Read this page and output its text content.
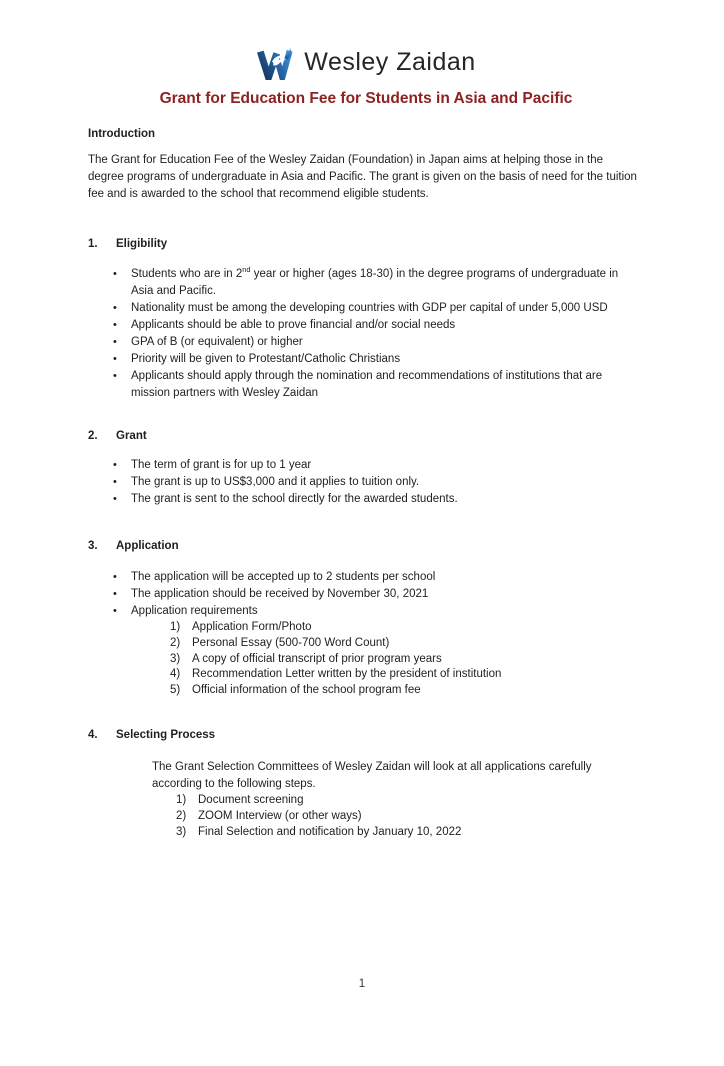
Wesley Zaidan
Grant for Education Fee for Students in Asia and Pacific
Introduction
The Grant for Education Fee of the Wesley Zaidan (Foundation) in Japan aims at helping those in the degree programs of undergraduate in Asia and Pacific. The grant is given on the basis of need for the tuition fee and is awarded to the school that recommend eligible students.
1.	Eligibility
•	Students who are in 2nd year or higher (ages 18-30) in the degree programs of undergraduate in Asia and Pacific.
•	Nationality must be among the developing countries with GDP per capital of under 5,000 USD
•	Applicants should be able to prove financial and/or social needs
•	GPA of B (or equivalent) or higher
•	Priority will be given to Protestant/Catholic Christians
•	Applicants should apply through the nomination and recommendations of institutions that are mission partners with Wesley Zaidan
2.	Grant
•	The term of grant is for up to 1 year
•	The grant is up to US$3,000 and it applies to tuition only.
•	The grant is sent to the school directly for the awarded students.
3.	Application
•	The application will be accepted up to 2 students per school
•	The application should be received by November 30, 2021
•	Application requirements
1)	Application Form/Photo
2)	Personal Essay (500-700 Word Count)
3)	A copy of official transcript of prior program years
4)	Recommendation Letter written by the president of institution
5)	Official information of the school program fee
4.	Selecting Process
The Grant Selection Committees of Wesley Zaidan will look at all applications carefully according to the following steps.
1)	Document screening
2)	ZOOM Interview (or other ways)
3)	Final Selection and notification by January 10, 2022
1
